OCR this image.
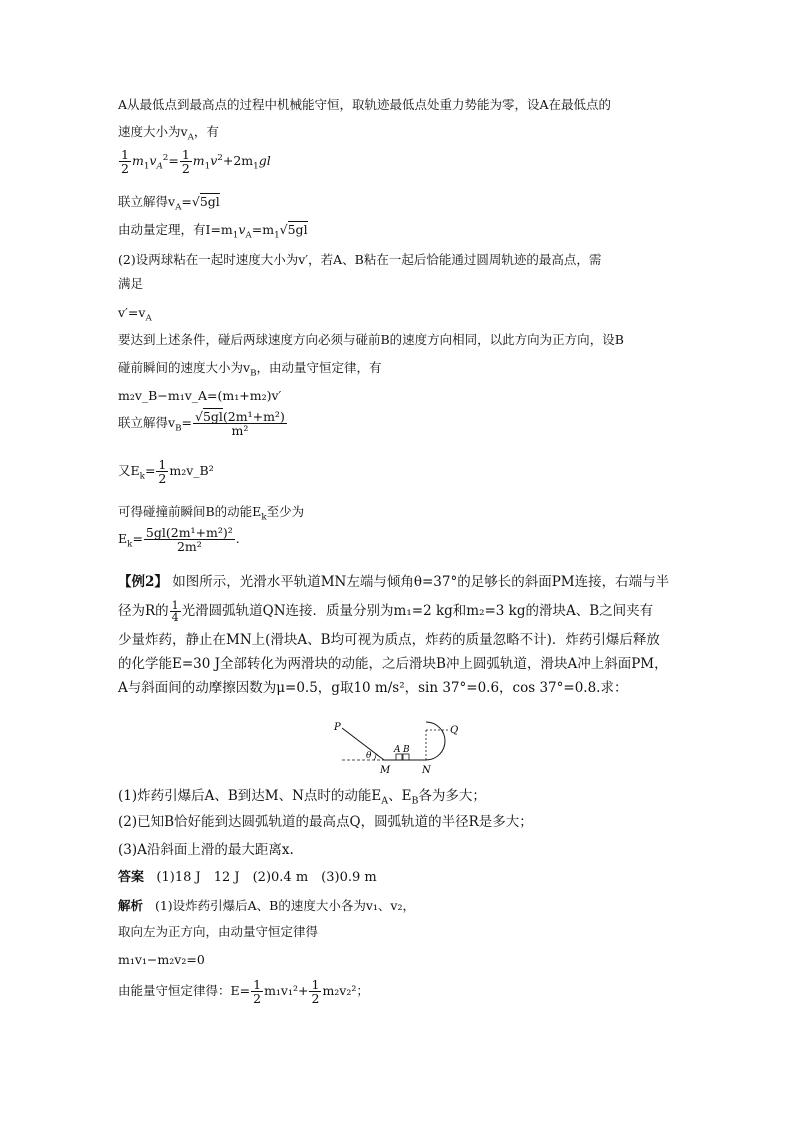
A从最低点到最高点的过程中机械能守恒，取轨迹最低点处重力势能为零，设A在最低点的
速度大小为$v_A$，有
$\frac{1}{2} m_1v_A^2= \frac{1}{2} m_1v^2+2m_1gl$
联立解得$v_A=√5gl$
由动量定理，有$I=m_1v_A=m_1√5gl$
(2)设两球粘在一起时速度大小为v′，若A、B粘在一起后恰能通过圆周轨迹的最高点，需
满足
$v'=v_A$
要达到上述条件，碰后两球速度方向必须与碰前B的速度方向相同，以此方向为正方向，设B
碰前瞬间的速度大小为$v_B$，由动量守恒定律，有
m₂v_B−m₁v_A=(m₁+m₂)v′
联立解得$v_B= \frac{\text{√5gl(2m¹+m²)}}{\text{m²}}$
又$E_k= \frac{1}{2}$ m₂v_B²
可得碰撞前瞬间B的动能$E_k$至少为
$E_k= \frac{\text{5gl(2m¹+m²)²}}{\text{2m²}}$ .
【例2】 如图所示，光滑水平轨道MN左端与倾角θ=37°的足够长的斜面PM连接，右端与半
径为R的 $\frac{1}{4}$ 光滑圆弧轨道QN连接．质量分别为m₁=2 kg和m₂=3 kg的滑块A、B之间夹有
少量炸药，静止在MN上(滑块A、B均可视为质点，炸药的质量忽略不计)．炸药引爆后释放
的化学能E=30 J全部转化为两滑块的动能，之后滑块B冲上圆弧轨道，滑块A冲上斜面PM，
A与斜面间的动摩擦因数为μ=0.5，g取10 m/s²，sin 37°=0.6，cos 37°=0.8.求：
P	Q
A B
M	N
θ
(1)炸药引爆后A、B到达M、N点时的动能$E_A$、$E_B$各为多大；
(2)已知B恰好能到达圆弧轨道的最高点Q，圆弧轨道的半径R是多大；
(3)A沿斜面上滑的最大距离x.
答案 (1)18 J　12 J　(2)0.4 m　(3)0.9 m
解析 (1)设炸药引爆后A、B的速度大小各为v₁、v₂，
取向左为正方向，由动量守恒定律得
m₁v₁−m₂v₂=0
由能量守恒定律得：$E= \frac{1}{2} m_1v_1^2+ \frac{1}{2} m_2v_2^2$；
